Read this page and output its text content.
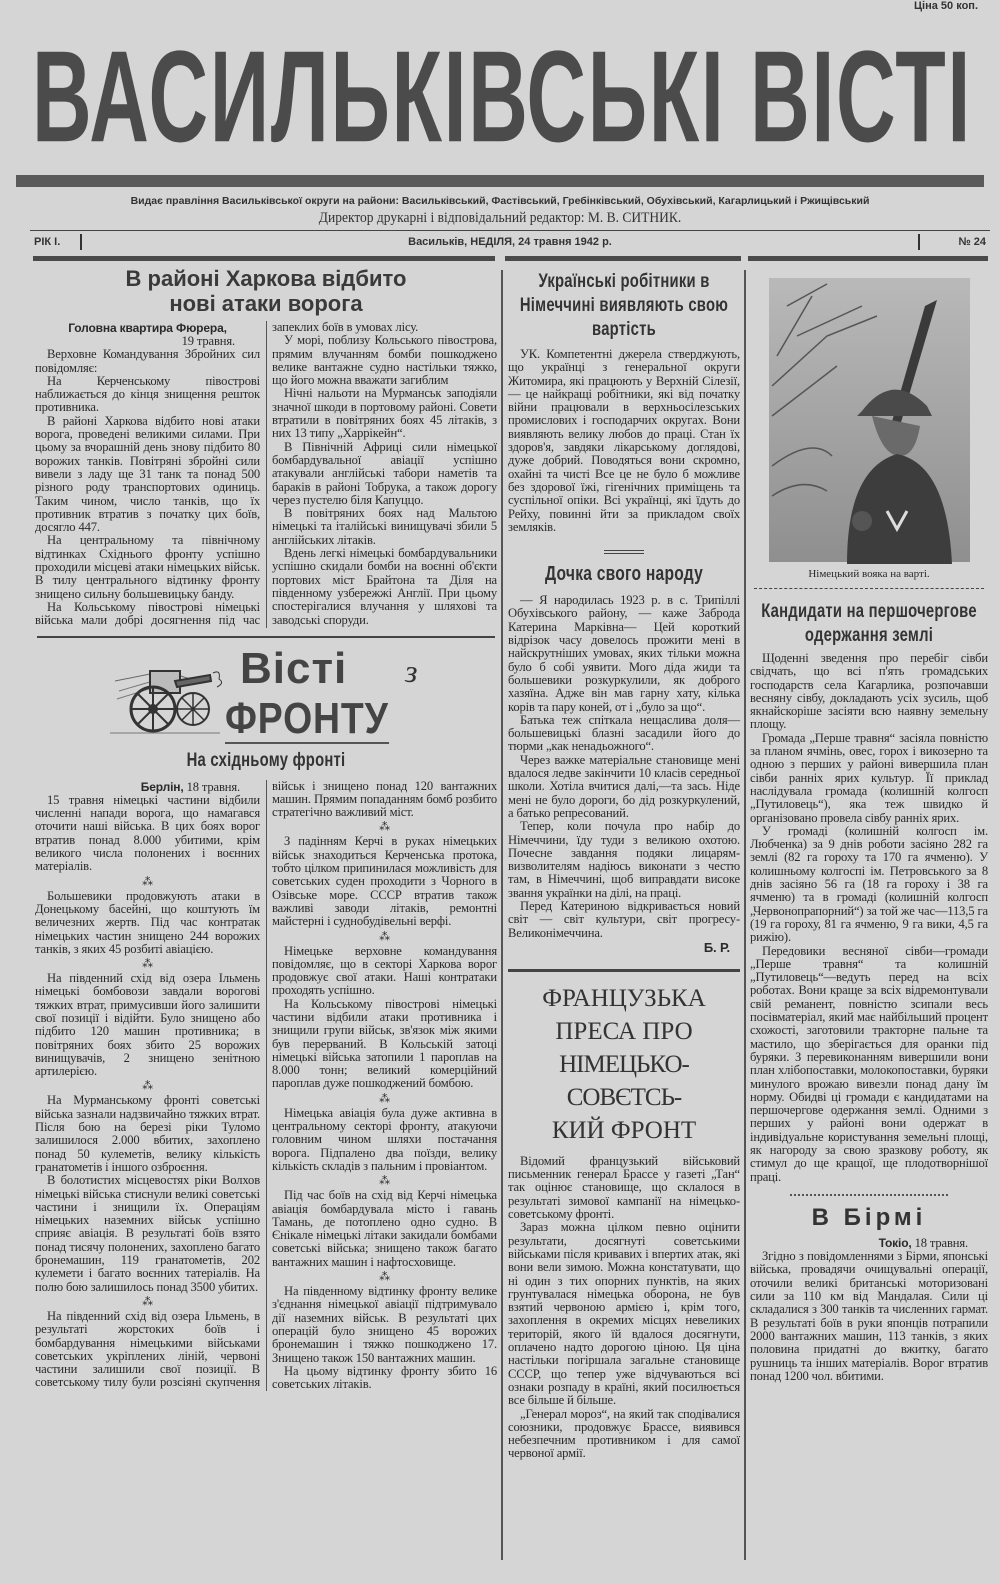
Ціна 50 коп.
ВАСИЛЬКІВСЬКІ ВІСТІ
Видає правління Васильківської округи на райони: Васильківський, Фастівський, Гребінківський, Обухівський, Кагарлицький і Ржищівський
Директор друкарні і відповідальний редактор: М. В. СИТНИК.
РІК І.	Васильків, НЕДІЛЯ, 24 травня 1942 р.	№ 24
В районі Харкова відбито нові атаки ворога
Головна квартира Фюрера,
19 травня.

Верховне Командування Збройних сил повідомляє:

На Керченському півострові наближається до кінця знищення решток противника.

В районі Харкова відбито нові атаки ворога, проведені великими силами. При цьому за вчорашній день знову підбито 80 ворожих танків. Повітряні збройні сили вивели з ладу ще 31 танк та понад 500 різного роду транспортових одиниць. Таким чином, число танків, що їх противник втратив з початку цих боїв, досягло 447.

На центральному та північному відтинках Східнього фронту успішно проходили місцеві атаки німецьких військ. В тилу центрального відтинку фронту знищено сильну большевицьку банду.

На Кольському півострові німецькі війська мали добрі досягнення під час запеклих боїв в умовах лісу.

У морі, поблизу Кольського півострова, прямим влучанням бомби пошкоджено велике вантажне судно настільки тяжко, що його можна вважати загиблим

Нічні нальоти на Мурманськ заподіяли значної шкоди в портовому районі. Совети втратили в повітряних боях 45 літаків, з них 13 типу „Харрікейн“.

В Північній Африці сили німецької бомбардувальної авіації успішно атакували англійські табори наметів та бараків в районі Тобрука, а також дорогу через пустелю біля Капуццо.

В повітряних боях над Мальтою німецькі та італійські винищувачі збили 5 англійських літаків.

Вдень легкі німецькі бомбардувальники успішно скидали бомби на воєнні об'єкти портових міст Брайтона та Діля на південному узбережжі Англії. При цьому спостерігалися влучання у шляхові та заводські споруди.

Вісті з
ФРОНТУ
На східньому фронті
Берлін, 18 травня.

15 травня німецькі частини відбили численні напади ворога, що намагався оточити наші війська. В цих боях ворог втратив понад 8.000 убитими, крім великого числа полонених і воєнних матеріалів.

⁂

Большевики продовжують атаки в Донецькому басейні, що коштують їм величезних жертв. Під час контратак німецьких частин знищено 244 ворожих танків, з яких 45 розбиті авіацією.

⁂

На південний схід від озера Ільмень німецькі бомбовози завдали ворогові тяжких втрат, примусивши його залишити свої позиції і відійти. Було знищено або підбито 120 машин противника; в повітряних боях збито 25 ворожих винищувачів, 2 знищено зенітною артилерією.

⁂

На Мурманському фронті советські війська зазнали надзвичайно тяжких втрат. Після бою на березі ріки Туломо залишилося 2.000 вбитих, захоплено понад 50 кулеметів, велику кількість гранатометів і іншого озброєння.

В болотистих місцевостях ріки Волхов німецькі війська стиснули великі советські частини і знищили їх. Операціям німецьких наземних військ успішно сприяє авіація. В результаті боїв взято понад тисячу полонених, захоплено багато бронемашин, 119 гранатометів, 202 кулемети і багато воєнних татеріалів. На полю бою залишилось понад 3500 убитих.

⁂

На південний схід від озера Ільмень, в результаті жорстоких боїв і бомбардування німецькими військами советських укріплених ліній, червоні частини залишили свої позиції. В советському тилу були розсіяні скупчення військ і знищено понад 120 вантажних машин. Прямим попаданням бомб розбито стратегічно важливий міст.

⁂

З падінням Керчі в руках німецьких військ знаходиться Керченська протока, тобто цілком припинилася можливість для советських суден проходити з Чорного в Озівське море. СССР втратив також важливі заводи літаків, ремонтні майстерні і суднобудівельні верфі.

⁂

Німецьке верховне командування повідомляє, що в секторі Харкова ворог продовжує свої атаки. Наші контратаки проходять успішно.

На Кольському півострові німецькі частини відбили атаки противника і знищили групи військ, зв'язок між якими був перерваний. В Кольській затоці німецькі війська затопили 1 пароплав на 8.000 тонн; великий комерційний пароплав дуже пошкоджений бомбою.

⁂

Німецька авіація була дуже активна в центральному секторі фронту, атакуючи головним чином шляхи постачання ворога. Підпалено два поїзди, велику кількість складів з пальним і провіантом.

⁂

Під час боїв на схід від Керчі німецька авіація бомбардувала місто і гавань Тамань, де потоплено одно судно. В Єнікале німецькі літаки закидали бомбами советські війська; знищено також багато вантажних машин і нафтосховище.

⁂

На південному відтинку фронту велике з'єднання німецької авіації підтримувало дії наземних військ. В результаті цих операцій було знищено 45 ворожих бронемашин і тяжко пошкоджено 17. Знищено також 150 вантажних машин.

На цьому відтинку фронту збито 16 советських літаків.

Українські робітники в Німеччині виявляють свою вартість

УК. Компетентні джерела стверджують, що українці з генеральної округи Житомира, які працюють у Верхній Сілезії, — це найкращі робітники, які від початку війни працювали в верхньосілезських промислових і господарчих округах. Вони виявляють велику любов до праці. Стан їх здоров'я, завдяки лікарському доглядові, дуже добрий. Поводяться вони скромно, охайні та чисті Все це не було б можливе без здорової їжі, гігенічних приміщень та суспільної опіки. Всі українці, які їдуть до Рейху, повинні йти за прикладом своїх земляків.

Дочка свого народу

— Я народилась 1923 р. в с. Трипіллі Обухівського району, — каже Заброда Катерина Марківна— Цей короткий відрізок часу довелось прожити мені в найскрутніших умовах, яких тільки можна було б собі уявити. Мого діда жиди та большевики розкуркулили, як доброго хазяїна. Адже він мав гарну хату, кілька корів та пару коней, от і „було за що“.

Батька теж спіткала нещаслива доля—большевицькі блазні засадили його до тюрми „как ненадьожного“.

Через важке матеріальне становище мені вдалося ледве закінчити 10 класів середньої школи. Хотіла вчитися далі,—та зась. Ніде мені не було дороги, бо дід розкуркулений, а батько репресований.

Тепер, коли почула про набір до Німеччини, їду туди з великою охотою. Почесне завдання подяки лицарям-визволителям надіюсь виконати з честю там, в Німеччині, щоб виправдати високе звання українки на ділі, на праці.

Перед Катериною відкривається новий світ — світ культури, світ прогресу-Великонімеччина.

Б. Р.
ФРАНЦУЗЬКА
ПРЕСА ПРО
НІМЕЦЬКО-СОВЄТСЬ-
КИЙ ФРОНТ

Відомий французький військовий письменник генерал Брассе у газеті „Тан“ так оцінює становище, що склалося в результаті зимової кампанії на німецько-советському фронті.

Зараз можна цілком певно оцінити результати, досягнуті советськими військами після кривавих і впертих атак, які вони вели зимою. Можна констатувати, що ні один з тих опорних пунктів, на яких грунтувалася німецька оборона, не був взятий червоною армією і, крім того, захоплення в окремих місцях невеликих територій, якого їй вдалося досягнути, оплачено надто дорогою ціною. Ця ціна настільки погіршала загальне становище СССР, що тепер уже відчуваються всі ознаки розпаду в країні, який посилюється все більше й більше.

„Генерал мороз“, на який так сподівалися союзники, продовжує Брассе, виявився небезпечним противником і для самої червоної армії.

Німецький вояка на варті.
Кандидати на першочергове одержання землі

Щоденні зведення про перебіг сівби свідчать, що всі п'ять громадських господарств села Кагарлика, розпочавши весняну сівбу, докладають усіх зусиль, щоб якнайскоріше засіяти всю наявну земельну площу.

Громада „Перше травня“ засіяла повністю за планом ячмінь, овес, горох і викозерно та одною з перших у районі вивершила план сівби ранніх ярих культур. Її приклад наслідувала громада (колишній колгосп „Путиловець“), яка теж швидко й організовано провела сівбу ранніх ярих.

У громаді (колишній колгосп ім. Любченка) за 9 днів роботи засіяно 282 га землі (82 га гороху та 170 га ячменю). У колишньому колгоспі ім. Петровського за 8 днів засіяно 56 га (18 га гороху і 38 га ячменю) та в громаді (колишній колгосп „Червонопрапорний“) за той же час—113,5 га (19 га гороху, 81 га ячменю, 9 га вики, 4,5 га рижію).

Передовики весняної сівби—громади „Перше травня“ та колишній „Путиловець“—ведуть перед на всіх роботах. Вони краще за всіх відремонтували свій реманент, повністю зсипали весь посівматеріал, який має найбільший процент схожості, заготовили тракторне пальне та мастило, що зберігається для оранки під буряки. З перевиконанням вивершили вони план хлібопоставки, молокопоставки, буряки минулого врожаю вивезли понад дану їм норму. Обидві ці громади є кандидатами на першочергове одержання землі. Одними з перших у районі вони одержат в індивідуальне користування земельні площі, як нагороду за свою зразкову роботу, як стимул до ще кращої, ще плодотворнішої праці.

В Бірмі
Токіо, 18 травня.

Згідно з повідомленнями з Бірми, японські війська, провадячи очищувальні операції, оточили великі британські моторизовані сили за 110 км від Мандалая. Сили ці складалися з 300 танків та численних гармат. В результаті боїв в руки японців потрапили 2000 вантажних машин, 113 танків, з яких половина придатні до вжитку, багато рушниць та інших матеріалів. Ворог втратив понад 1200 чол. вбитими.
